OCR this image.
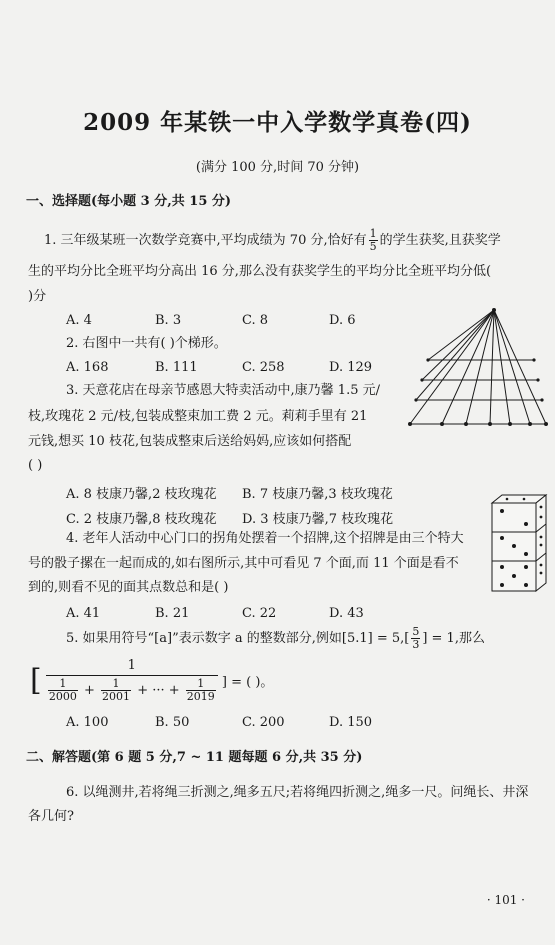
2009 年某铁一中入学数学真卷(四)
(满分 100 分,时间 70 分钟)
一、选择题(每小题 3 分,共 15 分)
1. 三年级某班一次数学竞赛中,平均成绩为 70 分,恰好有 $\frac{1}{5}$ 的学生获奖,且获奖学
生的平均分比全班平均分高出 16 分,那么没有获奖学生的平均分比全班平均分低(
)分
A. 4	B. 3	C. 8	D. 6
2. 右图中一共有( )个梯形。
A. 168	B. 111	C. 258	D. 129
3. 天意花店在母亲节感恩大特卖活动中,康乃馨 1.5 元/
枝,玫瑰花 2 元/枝,包装成整束加工费 2 元。莉莉手里有 21
元钱,想买 10 枝花,包装成整束后送给妈妈,应该如何搭配
( )
A. 8 枝康乃馨,2 枝玫瑰花 B. 7 枝康乃馨,3 枝玫瑰花
C. 2 枝康乃馨,8 枝玫瑰花 D. 3 枝康乃馨,7 枝玫瑰花
4. 老年人活动中心门口的拐角处摆着一个招牌,这个招牌是由三个特大
号的骰子摞在一起而成的,如右图所示,其中可看见 7 个面,而 11 个面是看不
到的,则看不见的面其点数总和是( )
A. 41	B. 21	C. 22	D. 43
5. 如果用符号“[a]”表示数字 a 的整数部分,例如$[5.1] = 5,[ \frac{5}{3}$ ] = 1,那么
[ $\frac{1}{\frac{1}{2000} + \frac{1}{2001} + \cdot\cdot\cdot + \frac{1}{2019}}$ ] = ( )。
A. 100	B. 50	C. 200	D. 150
二、解答题(第 6 题 5 分,7 ~ 11 题每题 6 分,共 35 分)
6. 以绳测井,若将绳三折测之,绳多五尺;若将绳四折测之,绳多一尺。问绳长、井深
各几何?
· 101 ·
